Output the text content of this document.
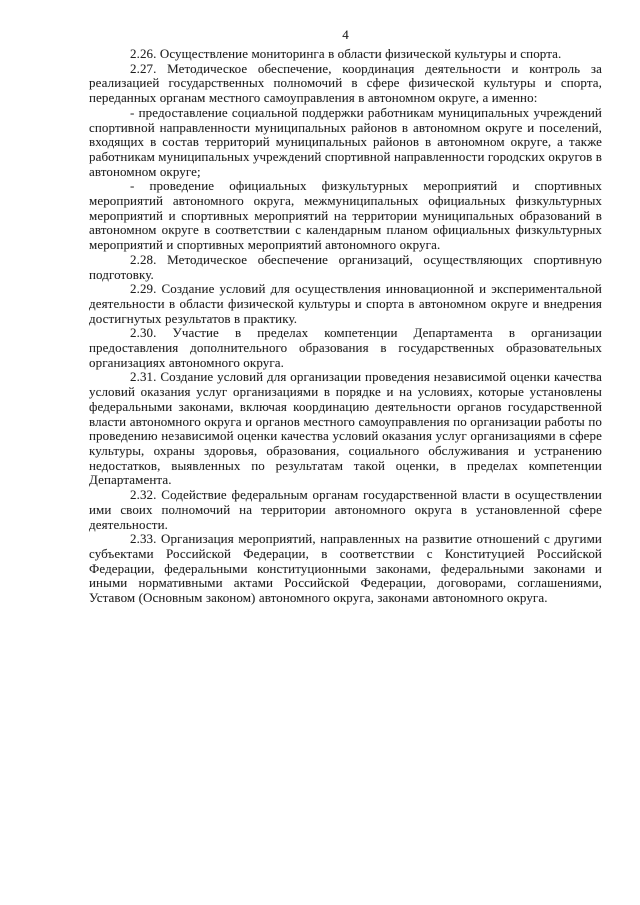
4

2.26. Осуществление мониторинга в области физической культуры и спорта.

2.27. Методическое обеспечение, координация деятельности и контроль за реализацией государственных полномочий в сфере физической культуры и спорта, переданных органам местного самоуправления в автономном округе, а именно:

- предоставление социальной поддержки работникам муниципальных учреждений спортивной направленности муниципальных районов в автономном округе и поселений, входящих в состав территорий муниципальных районов в автономном округе, а также работникам муниципальных учреждений спортивной направленности городских округов в автономном округе;

- проведение официальных физкультурных мероприятий и спортивных мероприятий автономного округа, межмуниципальных официальных физкультурных мероприятий и спортивных мероприятий на территории муниципальных образований в автономном округе в соответствии с календарным планом официальных физкультурных мероприятий и спортивных мероприятий автономного округа.

2.28. Методическое обеспечение организаций, осуществляющих спортивную подготовку.

2.29. Создание условий для осуществления инновационной и экспериментальной деятельности в области физической культуры и спорта в автономном округе и внедрения достигнутых результатов в практику.

2.30. Участие в пределах компетенции Департамента в организации предоставления дополнительного образования в государственных образовательных организациях автономного округа.

2.31. Создание условий для организации проведения независимой оценки качества условий оказания услуг организациями в порядке и на условиях, которые установлены федеральными законами, включая координацию деятельности органов государственной власти автономного округа и органов местного самоуправления по организации работы по проведению независимой оценки качества условий оказания услуг организациями в сфере культуры, охраны здоровья, образования, социального обслуживания и устранению недостатков, выявленных по результатам такой оценки, в пределах компетенции Департамента.

2.32. Содействие федеральным органам государственной власти в осуществлении ими своих полномочий на территории автономного округа в установленной сфере деятельности.

2.33. Организация мероприятий, направленных на развитие отношений с другими субъектами Российской Федерации, в соответствии с Конституцией Российской Федерации, федеральными конституционными законами, федеральными законами и иными нормативными актами Российской Федерации, договорами, соглашениями, Уставом (Основным законом) автономного округа, законами автономного округа.
